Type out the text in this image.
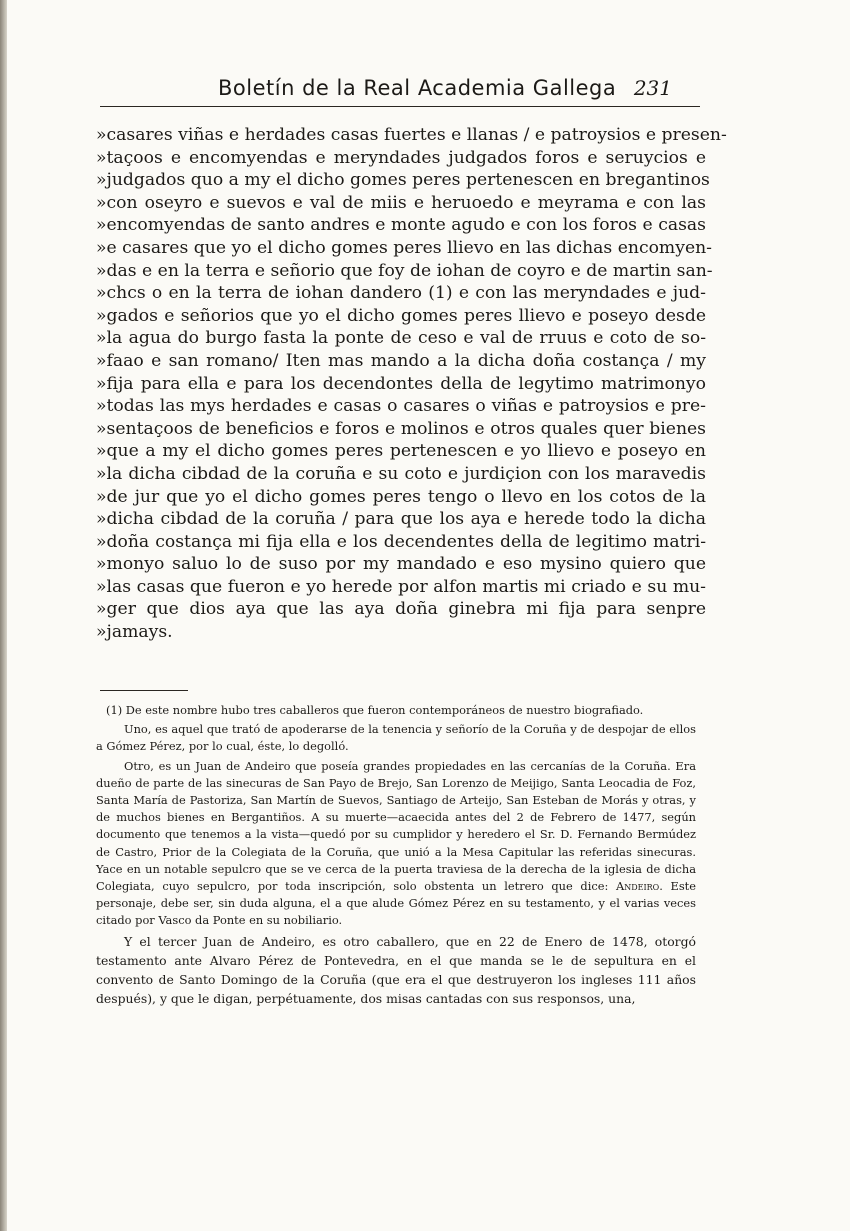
Boletín de la Real Academia Gallega 231
»casares viñas e herdades casas fuertes e llanas / e patroysios e presen-
»taçoos e encomyendas e meryndades judgados foros e seruycios e
»judgados quo a my el dicho gomes peres pertenescen en bregantinos
»con oseyro e suevos e val de miis e heruoedo e meyrama e con las
»encomyendas de santo andres e monte agudo e con los foros e casas
»e casares que yo el dicho gomes peres llievo en las dichas encomyen-
»das e en la terra e señorio que foy de iohan de coyro e de martin san-
»chcs o en la terra de iohan dandero (1) e con las meryndades e jud-
»gados e señorios que yo el dicho gomes peres llievo e poseyo desde
»la agua do burgo fasta la ponte de ceso e val de rruus e coto de so-
»faao e san romano/ Iten mas mando a la dicha doña costança / my
»fija para ella e para los decendontes della de legytimo matrimonyo
»todas las mys herdades e casas o casares o viñas e patroysios e pre-
»sentaçoos de beneficios e foros e molinos e otros quales quer bienes
»que a my el dicho gomes peres pertenescen e yo llievo e poseyo en
»la dicha cibdad de la coruña e su coto e jurdiçion con los maravedis
»de jur que yo el dicho gomes peres tengo o llevo en los cotos de la
»dicha cibdad de la coruña / para que los aya e herede todo la dicha
»doña costança mi fija ella e los decendentes della de legitimo matri-
»monyo saluo lo de suso por my mandado e eso mysino quiero que
»las casas que fueron e yo herede por alfon martis mi criado e su mu-
»ger que dios aya que las aya doña ginebra mi fija para senpre
»jamays.

(1) De este nombre hubo tres caballeros que fueron contemporáneos de nuestro biografiado.

Uno, es aquel que trató de apoderarse de la tenencia y señorío de la Coruña y de despojar de ellos a Gómez Pérez, por lo cual, éste, lo degolló.

Otro, es un Juan de Andeiro que poseía grandes propiedades en las cercanías de la Coruña. Era dueño de parte de las sinecuras de San Payo de Brejo, San Lorenzo de Meijigo, Santa Leocadia de Foz, Santa María de Pastoriza, San Martín de Suevos, Santiago de Arteijo, San Esteban de Morás y otras, y de muchos bienes en Bergantiños. A su muerte—acaecida antes del 2 de Febrero de 1477, según documento que tenemos a la vista—quedó por su cumplidor y heredero el Sr. D. Fernando Bermúdez de Castro, Prior de la Colegiata de la Coruña, que unió a la Mesa Capitular las referidas sinecuras. Yace en un notable sepulcro que se ve cerca de la puerta traviesa de la derecha de la iglesia de dicha Colegiata, cuyo sepulcro, por toda inscripción, solo obstenta un letrero que dice: Andeiro. Este personaje, debe ser, sin duda alguna, el a que alude Gómez Pérez en su testamento, y el varias veces citado por Vasco da Ponte en su nobiliario.

Y el tercer Juan de Andeiro, es otro caballero, que en 22 de Enero de 1478, otorgó testamento ante Alvaro Pérez de Pontevedra, en el que manda se le de sepultura en el convento de Santo Domingo de la Coruña (que era el que destruyeron los ingleses 111 años después), y que le digan, perpétuamente, dos misas cantadas con sus responsos, una,
